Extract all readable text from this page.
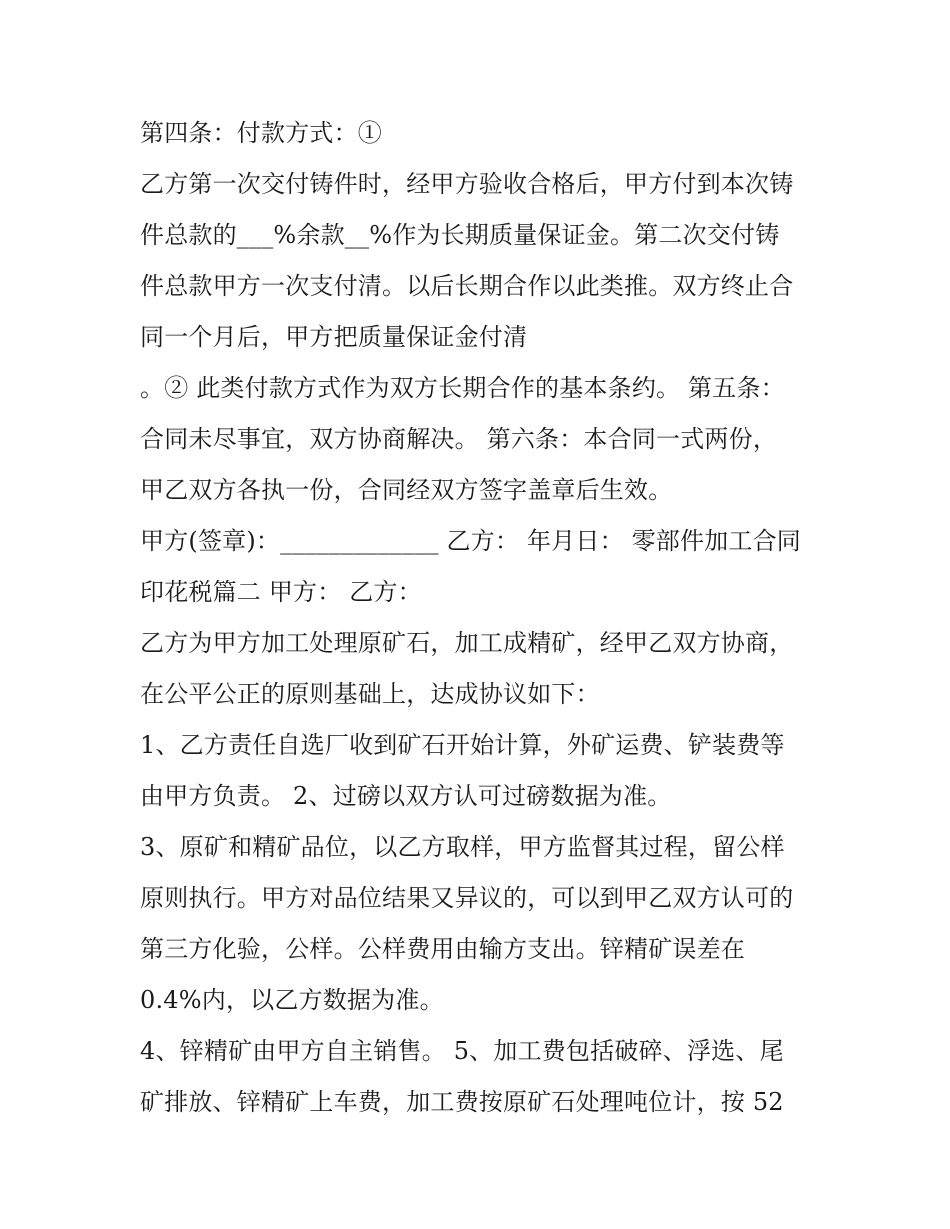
第四条：付款方式：①
乙方第一次交付铸件时，经甲方验收合格后，甲方付到本次铸
件总款的___%余款__%作为长期质量保证金。第二次交付铸
件总款甲方一次支付清。以后长期合作以此类推。双方终止合
同一个月后，甲方把质量保证金付清
。② 此类付款方式作为双方长期合作的基本条约。 第五条：
合同未尽事宜，双方协商解决。 第六条：本合同一式两份，
甲乙双方各执一份，合同经双方签字盖章后生效。
甲方(签章)：_____________ 乙方： 年月日： 零部件加工合同
印花税篇二 甲方： 乙方：
乙方为甲方加工处理原矿石，加工成精矿，经甲乙双方协商，
在公平公正的原则基础上，达成协议如下：
1、乙方责任自选厂收到矿石开始计算，外矿运费、铲装费等
由甲方负责。 2、过磅以双方认可过磅数据为准。
3、原矿和精矿品位，以乙方取样，甲方监督其过程，留公样
原则执行。甲方对品位结果又异议的，可以到甲乙双方认可的
第三方化验，公样。公样费用由输方支出。锌精矿误差在
0.4%内，以乙方数据为准。
4、锌精矿由甲方自主销售。 5、加工费包括破碎、浮选、尾
矿排放、锌精矿上车费，加工费按原矿石处理吨位计，按 52
